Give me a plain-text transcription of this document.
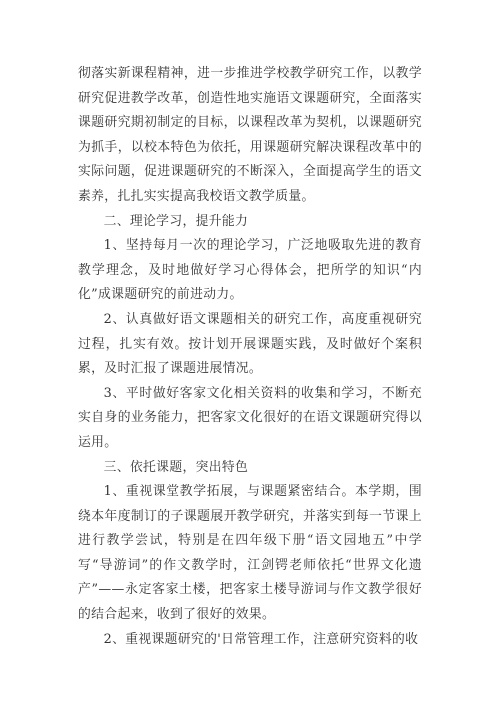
彻落实新课程精神，进一步推进学校教学研究工作，以教学研究促进教学改革，创造性地实施语文课题研究，全面落实课题研究期初制定的目标，以课程改革为契机，以课题研究为抓手，以校本特色为依托，用课题研究解决课程改革中的实际问题，促进课题研究的不断深入，全面提高学生的语文素养，扎扎实实提高我校语文教学质量。

二、理论学习，提升能力

1、坚持每月一次的理论学习，广泛地吸取先进的教育教学理念，及时地做好学习心得体会，把所学的知识“内化”成课题研究的前进动力。

2、认真做好语文课题相关的研究工作，高度重视研究过程，扎实有效。按计划开展课题实践，及时做好个案积累，及时汇报了课题进展情况。

3、平时做好客家文化相关资料的收集和学习，不断充实自身的业务能力，把客家文化很好的在语文课题研究得以运用。

三、依托课题，突出特色

1、重视课堂教学拓展，与课题紧密结合。本学期，围绕本年度制订的子课题展开教学研究，并落实到每一节课上进行教学尝试，特别是在四年级下册“语文园地五”中学写“导游词”的作文教学时，江剑锷老师依托“世界文化遗产”——永定客家土楼，把客家土楼导游词与作文教学很好的结合起来，收到了很好的效果。

2、重视课题研究的'日常管理工作，注意研究资料的收
